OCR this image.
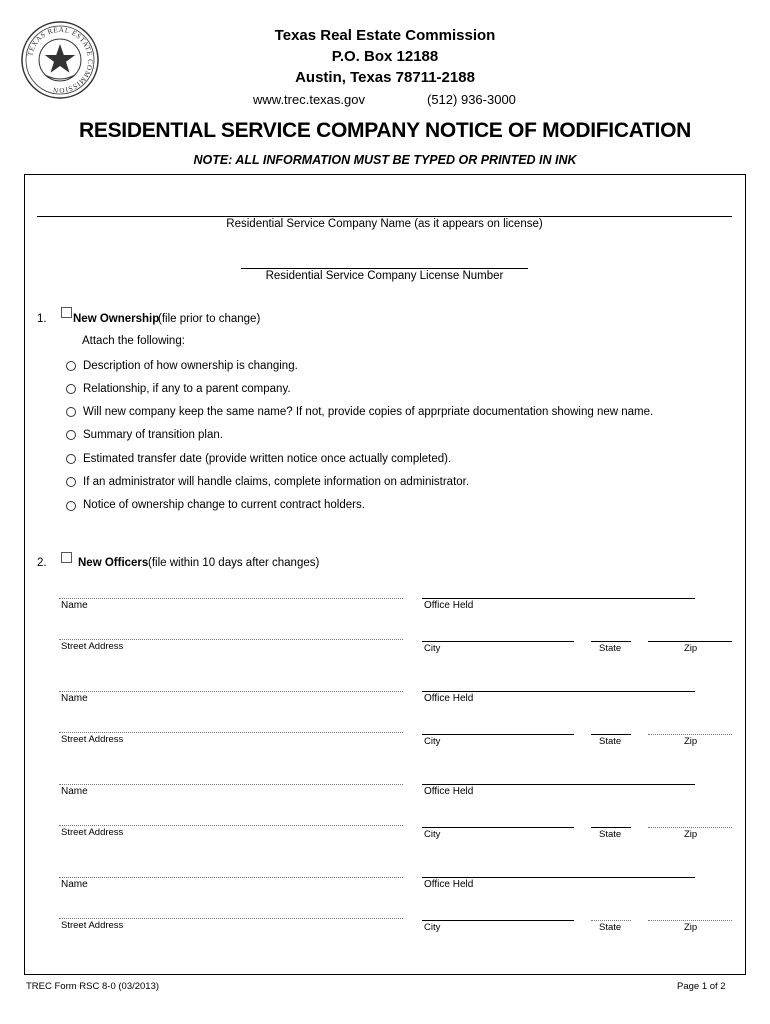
TEXAS REAL ESTATE COMMISSION
Texas Real Estate Commission
P.O. Box 12188
Austin, Texas 78711-2188
www.trec.texas.gov	(512) 936-3000
RESIDENTIAL SERVICE COMPANY NOTICE OF MODIFICATION
NOTE: ALL INFORMATION MUST BE TYPED OR PRINTED IN INK
Residential Service Company Name (as it appears on license)
Residential Service Company License Number
1. New Ownership
(file prior to change)
Attach the following:
Description of how ownership is changing.
Relationship, if any to a parent company.
Will new company keep the same name? If not, provide copies of apprpriate documentation showing new name.
Summary of transition plan.
Estimated transfer date (provide written notice once actually completed).
If an administrator will handle claims, complete information on administrator.
Notice of ownership change to current contract holders.
2.	New Officers (file within 10 days after changes)
Name	Office Held
Street Address	City	State	Zip
Name	Office Held
Street Address	City	State	Zip
Name	Office Held
Street Address	City	State	Zip
Name	Office Held
Street Address	City	State	Zip
TREC Form RSC 8-0 (03/2013)	Page 1 of 2
